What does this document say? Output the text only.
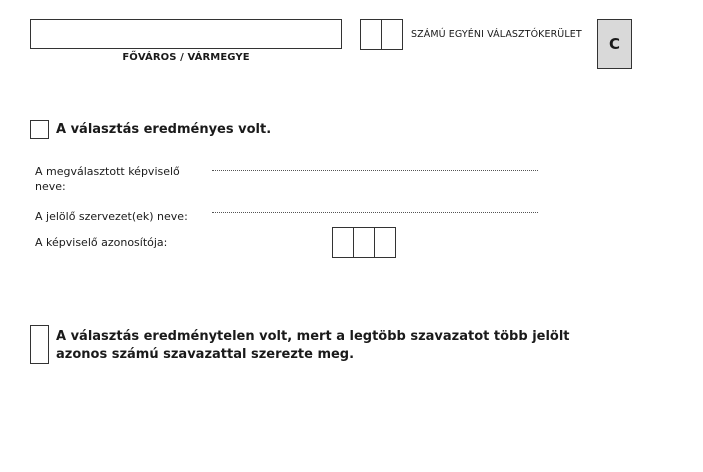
FŐVÁROS / VÁRMEGYE
SZÁMÚ EGYÉNI VÁLASZTÓKERÜLET
C
A választás eredményes volt.
A megválasztott képviselő neve:
A jelölő szervezet(ek) neve:
A képviselő azonosítója:
A választás eredménytelen volt, mert a legtöbb szavazatot több jelölt
azonos számú szavazattal szerezte meg.
